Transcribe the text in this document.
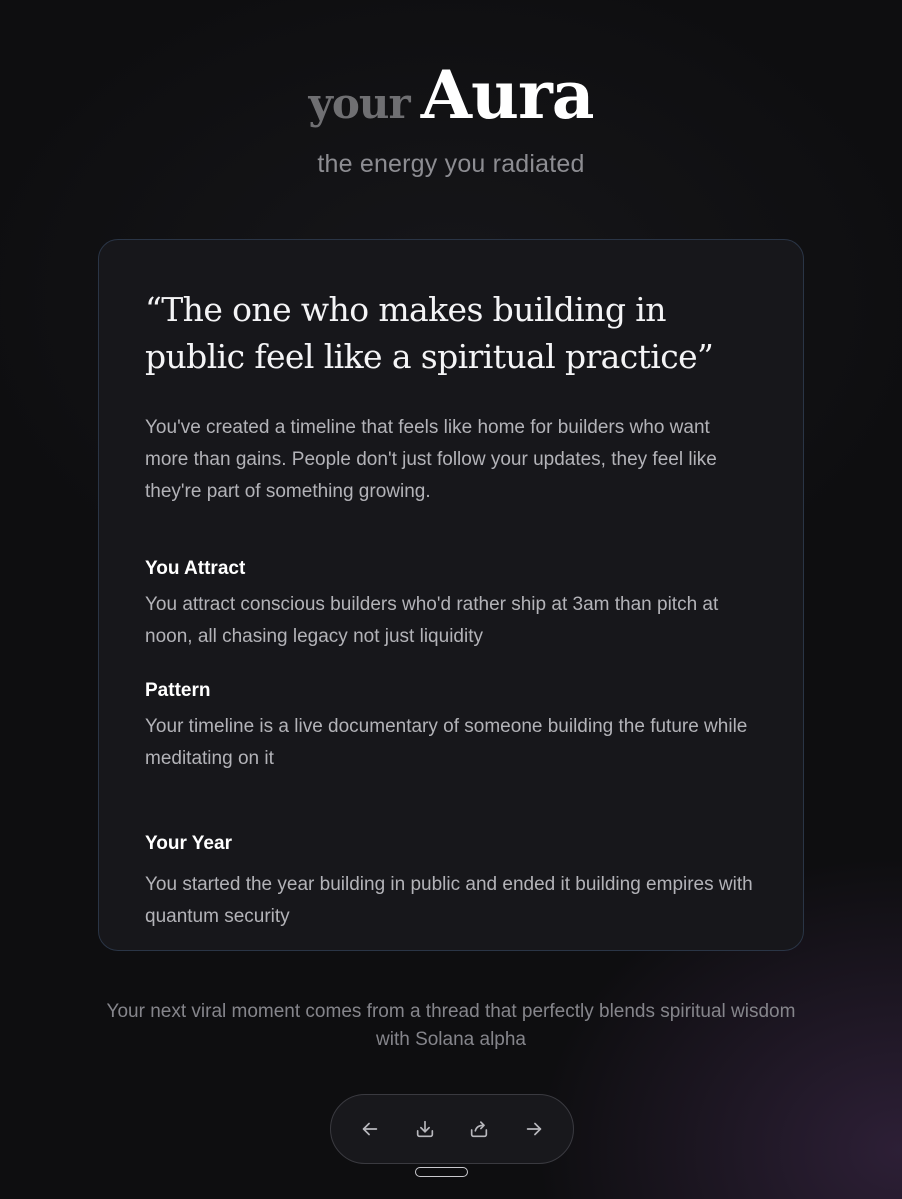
your Aura
the energy you radiated

“The one who makes building in public feel like a spiritual practice”

You've created a timeline that feels like home for builders who want more than gains. People don't just follow your updates, they feel like they're part of something growing.
You Attract
You attract conscious builders who'd rather ship at 3am than pitch at noon, all chasing legacy not just liquidity
Pattern
Your timeline is a live documentary of someone building the future while meditating on it
Your Year
You started the year building in public and ended it building empires with quantum security
Your next viral moment comes from a thread that perfectly blends spiritual wisdom with Solana alpha
